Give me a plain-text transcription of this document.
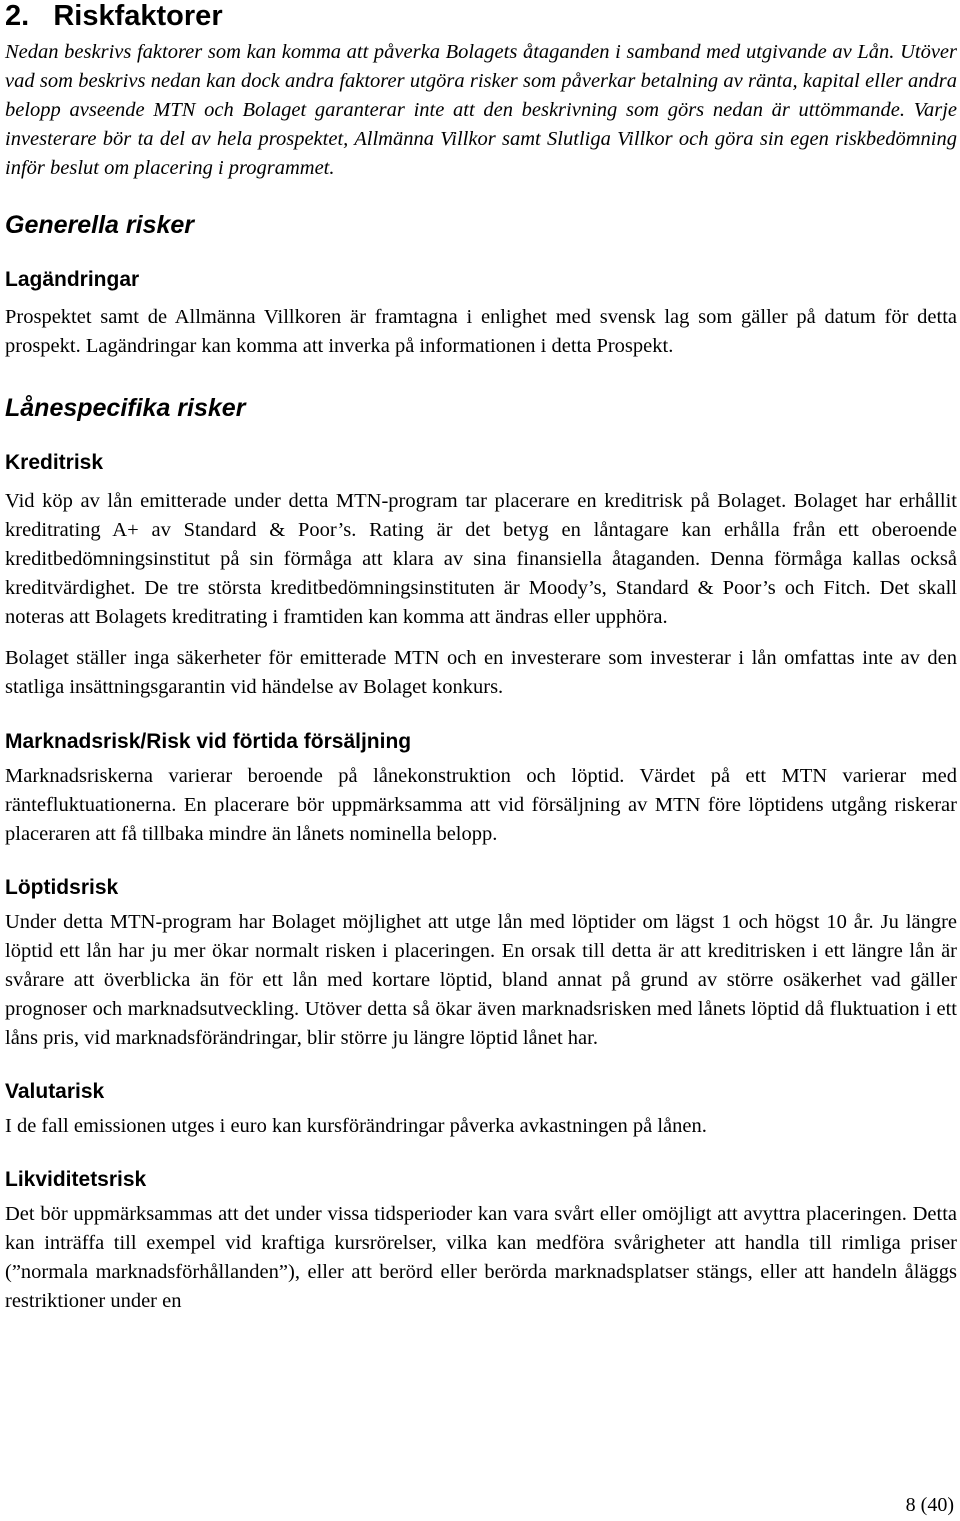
2.   Riskfaktorer

Nedan beskrivs faktorer som kan komma att påverka Bolagets åtaganden i samband med utgivande av Lån. Utöver vad som beskrivs nedan kan dock andra faktorer utgöra risker som påverkar betalning av ränta, kapital eller andra belopp avseende MTN och Bolaget garanterar inte att den beskrivning som görs nedan är uttömmande. Varje investerare bör ta del av hela prospektet, Allmänna Villkor samt Slutliga Villkor och göra sin egen riskbedömning inför beslut om placering i programmet.

Generella risker
Lagändringar

Prospektet samt de Allmänna Villkoren är framtagna i enlighet med svensk lag som gäller på datum för detta prospekt. Lagändringar kan komma att inverka på informationen i detta Prospekt.

Lånespecifika risker
Kreditrisk

Vid köp av lån emitterade under detta MTN-program tar placerare en kreditrisk på Bolaget. Bolaget har erhållit kreditrating A+ av Standard & Poor’s. Rating är det betyg en låntagare kan erhålla från ett oberoende kreditbedömningsinstitut på sin förmåga att klara av sina finansiella åtaganden. Denna förmåga kallas också kreditvärdighet. De tre största kreditbedömningsinstituten är Moody’s, Standard & Poor’s och Fitch. Det skall noteras att Bolagets kreditrating i framtiden kan komma att ändras eller upphöra.

Bolaget ställer inga säkerheter för emitterade MTN och en investerare som investerar i lån omfattas inte av den statliga insättningsgarantin vid händelse av Bolaget konkurs.

Marknadsrisk/Risk vid förtida försäljning

Marknadsriskerna varierar beroende på lånekonstruktion och löptid. Värdet på ett MTN varierar med räntefluktuationerna. En placerare bör uppmärksamma att vid försäljning av MTN före löptidens utgång riskerar placeraren att få tillbaka mindre än lånets nominella belopp.

Löptidsrisk

Under detta MTN-program har Bolaget möjlighet att utge lån med löptider om lägst 1 och högst 10 år. Ju längre löptid ett lån har ju mer ökar normalt risken i placeringen. En orsak till detta är att kreditrisken i ett längre lån är svårare att överblicka än för ett lån med kortare löptid, bland annat på grund av större osäkerhet vad gäller prognoser och marknadsutveckling. Utöver detta så ökar även marknadsrisken med lånets löptid då fluktuation i ett låns pris, vid marknadsförändringar, blir större ju längre löptid lånet har.

Valutarisk

I de fall emissionen utges i euro kan kursförändringar påverka avkastningen på lånen.

Likviditetsrisk

Det bör uppmärksammas att det under vissa tidsperioder kan vara svårt eller omöjligt att avyttra placeringen. Detta kan inträffa till exempel vid kraftiga kursrörelser, vilka kan medföra svårigheter att handla till rimliga priser (”normala marknadsförhållanden”), eller att berörd eller berörda marknadsplatser stängs, eller att handeln åläggs restriktioner under en

8 (40)
